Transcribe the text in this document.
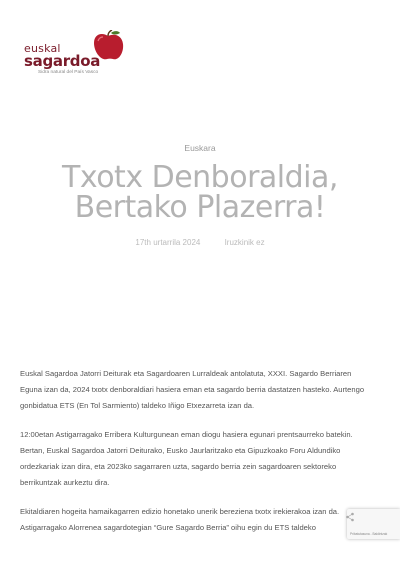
euskal
sagardoa
Sidra natural del País Vasco
Euskara
Txotx Denboraldia, Bertako Plazerra!
17th urtarrila 2024	Iruzkinik ez

Euskal Sagardoa Jatorri Deiturak eta Sagardoaren Lurraldeak antolatuta, XXXI. Sagardo Berriaren Eguna izan da, 2024 txotx denboraldiari hasiera eman eta sagardo berria dastatzen hasteko. Aurtengo gonbidatua ETS (En Tol Sarmiento) taldeko Iñigo Etxezarreta izan da.

12:00etan Astigarragako Erribera Kulturgunean eman diogu hasiera egunari prentsaurreko batekin. Bertan, Euskal Sagardoa Jatorri Deiturako, Eusko Jaurlaritzako eta Gipuzkoako Foru Aldundiko ordezkariak izan dira, eta 2023ko sagarraren uzta, sagardo berria zein sagardoaren sektoreko berrikuntzak aurkeztu dira.

Ekitaldiaren hogeita hamaikagarren edizio honetako unerik bereziena txotx irekierakoa izan da. Astigarragako Alorrenea sagardotegian “Gure Sagardo Berria” oihu egin du ETS taldeko

Pribatutasuna - Baldintzak
